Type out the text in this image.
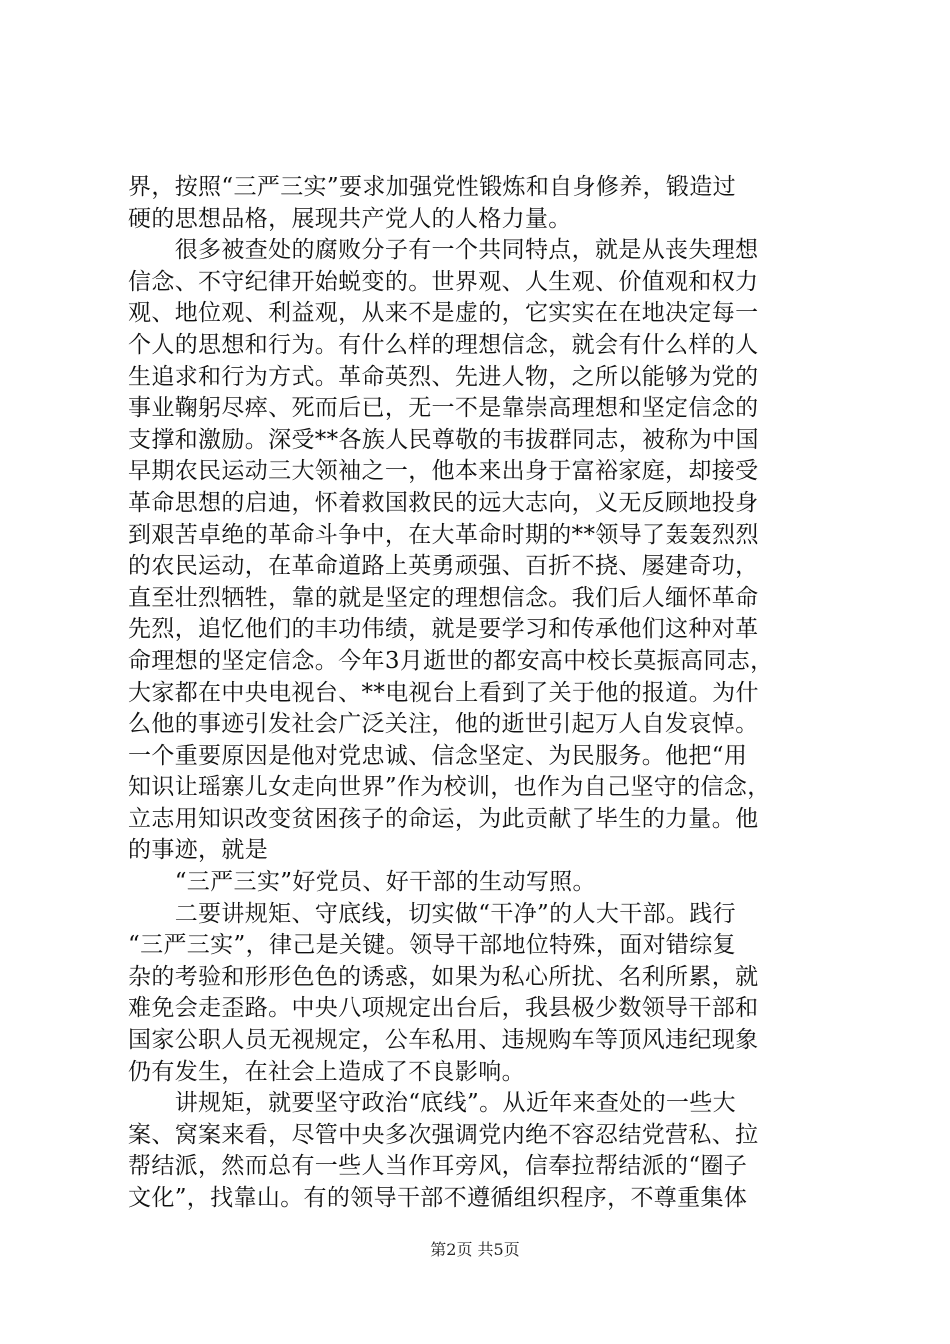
界，按照“三严三实”要求加强党性锻炼和自身修养，锻造过
硬的思想品格，展现共产党人的人格力量。
　　很多被查处的腐败分子有一个共同特点，就是从丧失理想
信念、不守纪律开始蜕变的。世界观、人生观、价值观和权力
观、地位观、利益观，从来不是虚的，它实实在在地决定每一
个人的思想和行为。有什么样的理想信念，就会有什么样的人
生追求和行为方式。革命英烈、先进人物，之所以能够为党的
事业鞠躬尽瘁、死而后已，无一不是靠崇高理想和坚定信念的
支撑和激励。深受**各族人民尊敬的韦拔群同志，被称为中国
早期农民运动三大领袖之一，他本来出身于富裕家庭，却接受
革命思想的启迪，怀着救国救民的远大志向，义无反顾地投身
到艰苦卓绝的革命斗争中，在大革命时期的**领导了轰轰烈烈
的农民运动，在革命道路上英勇顽强、百折不挠、屡建奇功，
直至壮烈牺牲，靠的就是坚定的理想信念。我们后人缅怀革命
先烈，追忆他们的丰功伟绩，就是要学习和传承他们这种对革
命理想的坚定信念。今年3月逝世的都安高中校长莫振高同志，
大家都在中央电视台、**电视台上看到了关于他的报道。为什
么他的事迹引发社会广泛关注，他的逝世引起万人自发哀悼。
一个重要原因是他对党忠诚、信念坚定、为民服务。他把“用
知识让瑶寨儿女走向世界”作为校训，也作为自己坚守的信念，
立志用知识改变贫困孩子的命运，为此贡献了毕生的力量。他
的事迹，就是
　　“三严三实”好党员、好干部的生动写照。
　　二要讲规矩、守底线，切实做“干净”的人大干部。践行
“三严三实”，律己是关键。领导干部地位特殊，面对错综复
杂的考验和形形色色的诱惑，如果为私心所扰、名利所累，就
难免会走歪路。中央八项规定出台后，我县极少数领导干部和
国家公职人员无视规定，公车私用、违规购车等顶风违纪现象
仍有发生，在社会上造成了不良影响。
　　讲规矩，就要坚守政治“底线”。从近年来查处的一些大
案、窝案来看，尽管中央多次强调党内绝不容忍结党营私、拉
帮结派，然而总有一些人当作耳旁风，信奉拉帮结派的“圈子
文化”，找靠山。有的领导干部不遵循组织程序，不尊重集体
第2页 共5页
